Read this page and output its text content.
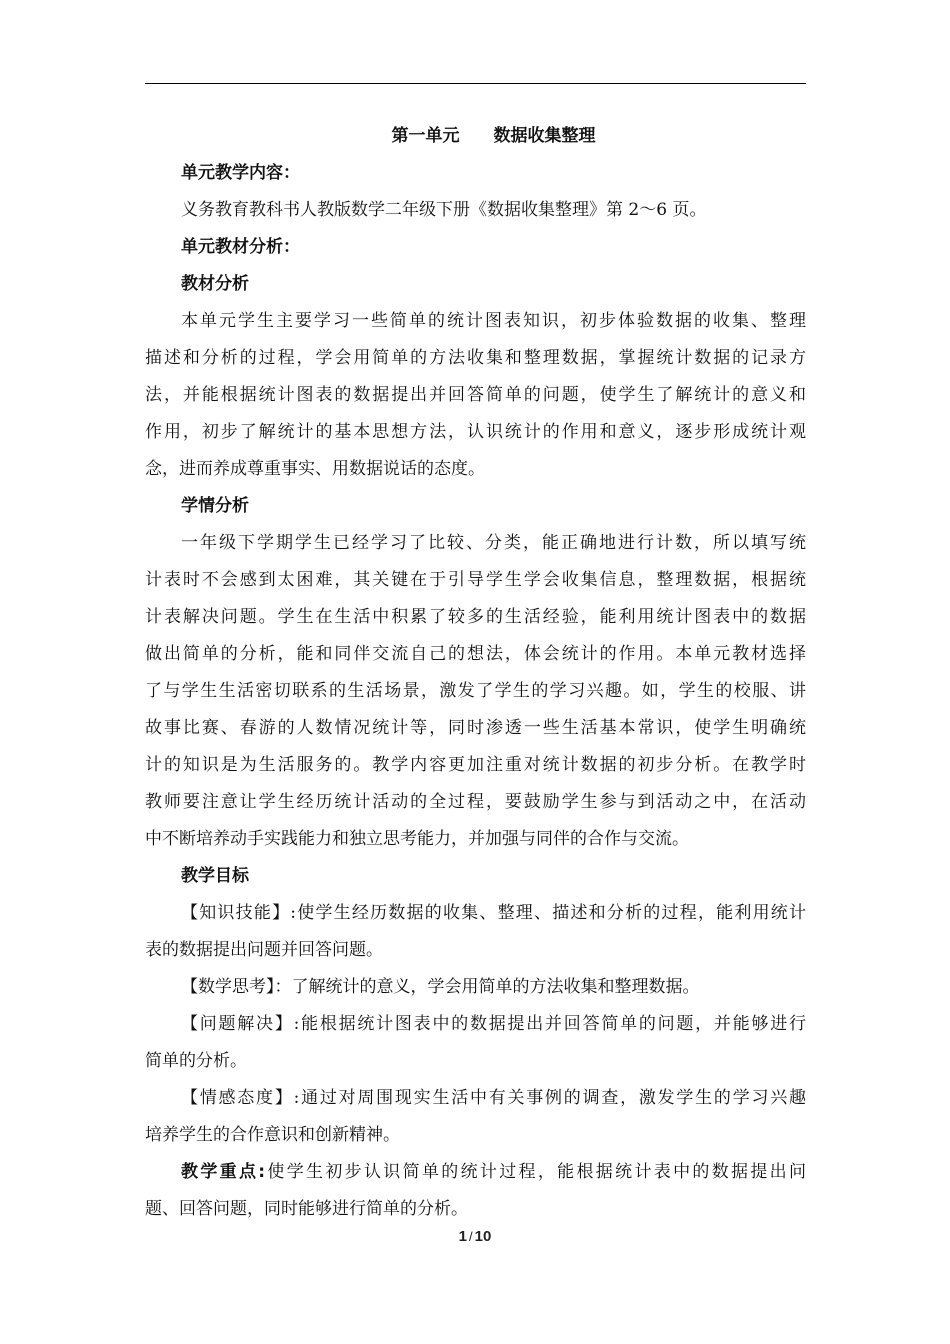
第一单元 数据收集整理
单元教学内容：
义务教育教科书人教版数学二年级下册《数据收集整理》第 2～6 页。
单元教材分析：
教材分析
本单元学生主要学习一些简单的统计图表知识，初步体验数据的收集、整理
描述和分析的过程，学会用简单的方法收集和整理数据，掌握统计数据的记录方
法，并能根据统计图表的数据提出并回答简单的问题，使学生了解统计的意义和
作用，初步了解统计的基本思想方法，认识统计的作用和意义，逐步形成统计观
念，进而养成尊重事实、用数据说话的态度。
学情分析
一年级下学期学生已经学习了比较、分类，能正确地进行计数，所以填写统
计表时不会感到太困难，其关键在于引导学生学会收集信息，整理数据，根据统
计表解决问题。学生在生活中积累了较多的生活经验，能利用统计图表中的数据
做出简单的分析，能和同伴交流自己的想法，体会统计的作用。本单元教材选择
了与学生生活密切联系的生活场景，激发了学生的学习兴趣。如，学生的校服、讲
故事比赛、春游的人数情况统计等，同时渗透一些生活基本常识，使学生明确统
计的知识是为生活服务的。教学内容更加注重对统计数据的初步分析。在教学时
教师要注意让学生经历统计活动的全过程，要鼓励学生参与到活动之中，在活动
中不断培养动手实践能力和独立思考能力，并加强与同伴的合作与交流。
教学目标
【知识技能】:使学生经历数据的收集、整理、描述和分析的过程，能利用统计
表的数据提出问题并回答问题。
【数学思考】：了解统计的意义，学会用简单的方法收集和整理数据。
【问题解决】:能根据统计图表中的数据提出并回答简单的问题，并能够进行
简单的分析。
【情感态度】:通过对周围现实生活中有关事例的调查，激发学生的学习兴趣
培养学生的合作意识和创新精神。
教学重点:使学生初步认识简单的统计过程，能根据统计表中的数据提出问
题、回答问题，同时能够进行简单的分析。
1 / 10
